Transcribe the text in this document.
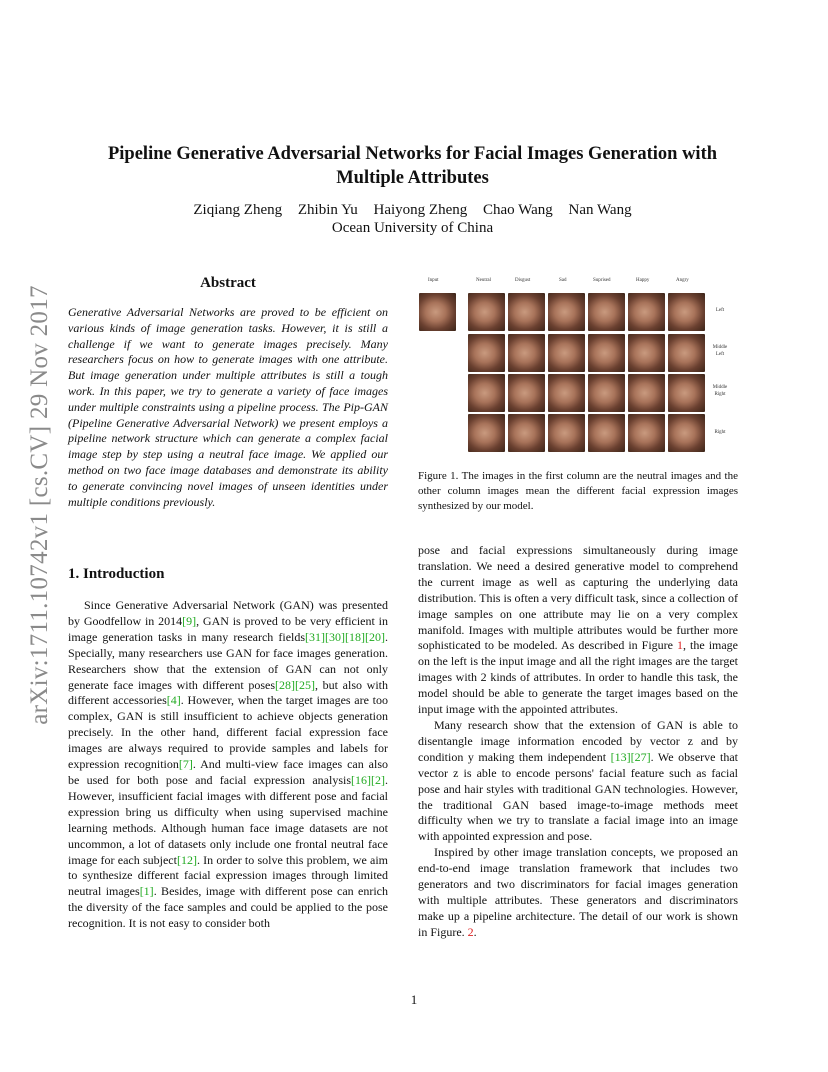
arXiv:1711.10742v1 [cs.CV] 29 Nov 2017
Pipeline Generative Adversarial Networks for Facial Images Generation with
Multiple Attributes
Ziqiang Zheng Zhibin Yu Haiyong Zheng Chao Wang Nan Wang
Ocean University of China
Abstract
Generative Adversarial Networks are proved to be efficient on various kinds of image generation tasks. However, it is still a challenge if we want to generate images precisely. Many researchers focus on how to generate images with one attribute. But image generation under multiple attributes is still a tough work. In this paper, we try to generate a variety of face images under multiple constraints using a pipeline process. The Pip-GAN (Pipeline Generative Adversarial Network) we present employs a pipeline network structure which can generate a complex facial image step by step using a neutral face image. We applied our method on two face image databases and demonstrate its ability to generate convincing novel images of unseen identities under multiple conditions previously.
1. Introduction

Since Generative Adversarial Network (GAN) was presented by Goodfellow in 2014[9], GAN is proved to be very efficient in image generation tasks in many research fields[31][30][18][20]. Specially, many researchers use GAN for face images generation. Researchers show that the extension of GAN can not only generate face images with different poses[28][25], but also with different accessories[4]. However, when the target images are too complex, GAN is still insufficient to achieve objects generation precisely. In the other hand, different facial expression face images are always required to provide samples and labels for expression recognition[7]. And multi-view face images can also be used for both pose and facial expression analysis[16][2]. However, insufficient facial images with different pose and facial expression bring us difficulty when using supervised machine learning methods. Although human face image datasets are not uncommon, a lot of datasets only include one frontal neutral face image for each subject[12]. In order to solve this problem, we aim to synthesize different facial expression images through limited neutral images[1]. Besides, image with different pose can enrich the diversity of the face samples and could be applied to the pose recognition. It is not easy to consider both

Input	Neutral	Disgust	Sad	Suprised	Happy	Angry
Left
Middle
Left
Middle
Right
Right
Figure 1. The images in the first column are the neutral images and the other column images mean the different facial expression images synthesized by our model.

pose and facial expressions simultaneously during image translation. We need a desired generative model to comprehend the current image as well as capturing the underlying data distribution. This is often a very difficult task, since a collection of image samples on one attribute may lie on a very complex manifold. Images with multiple attributes would be further more sophisticated to be modeled. As described in Figure 1, the image on the left is the input image and all the right images are the target images with 2 kinds of attributes. In order to handle this task, the model should be able to generate the target images based on the input image with the appointed attributes.

Many research show that the extension of GAN is able to disentangle image information encoded by vector z and by condition y making them independent [13][27]. We observe that vector z is able to encode persons' facial feature such as facial pose and hair styles with traditional GAN technologies. However, the traditional GAN based image-to-image methods meet difficulty when we try to translate a facial image into an image with appointed expression and pose.

Inspired by other image translation concepts, we proposed an end-to-end image translation framework that includes two generators and two discriminators for facial images generation with multiple attributes. These generators and discriminators make up a pipeline architecture. The detail of our work is shown in Figure. 2.

1
